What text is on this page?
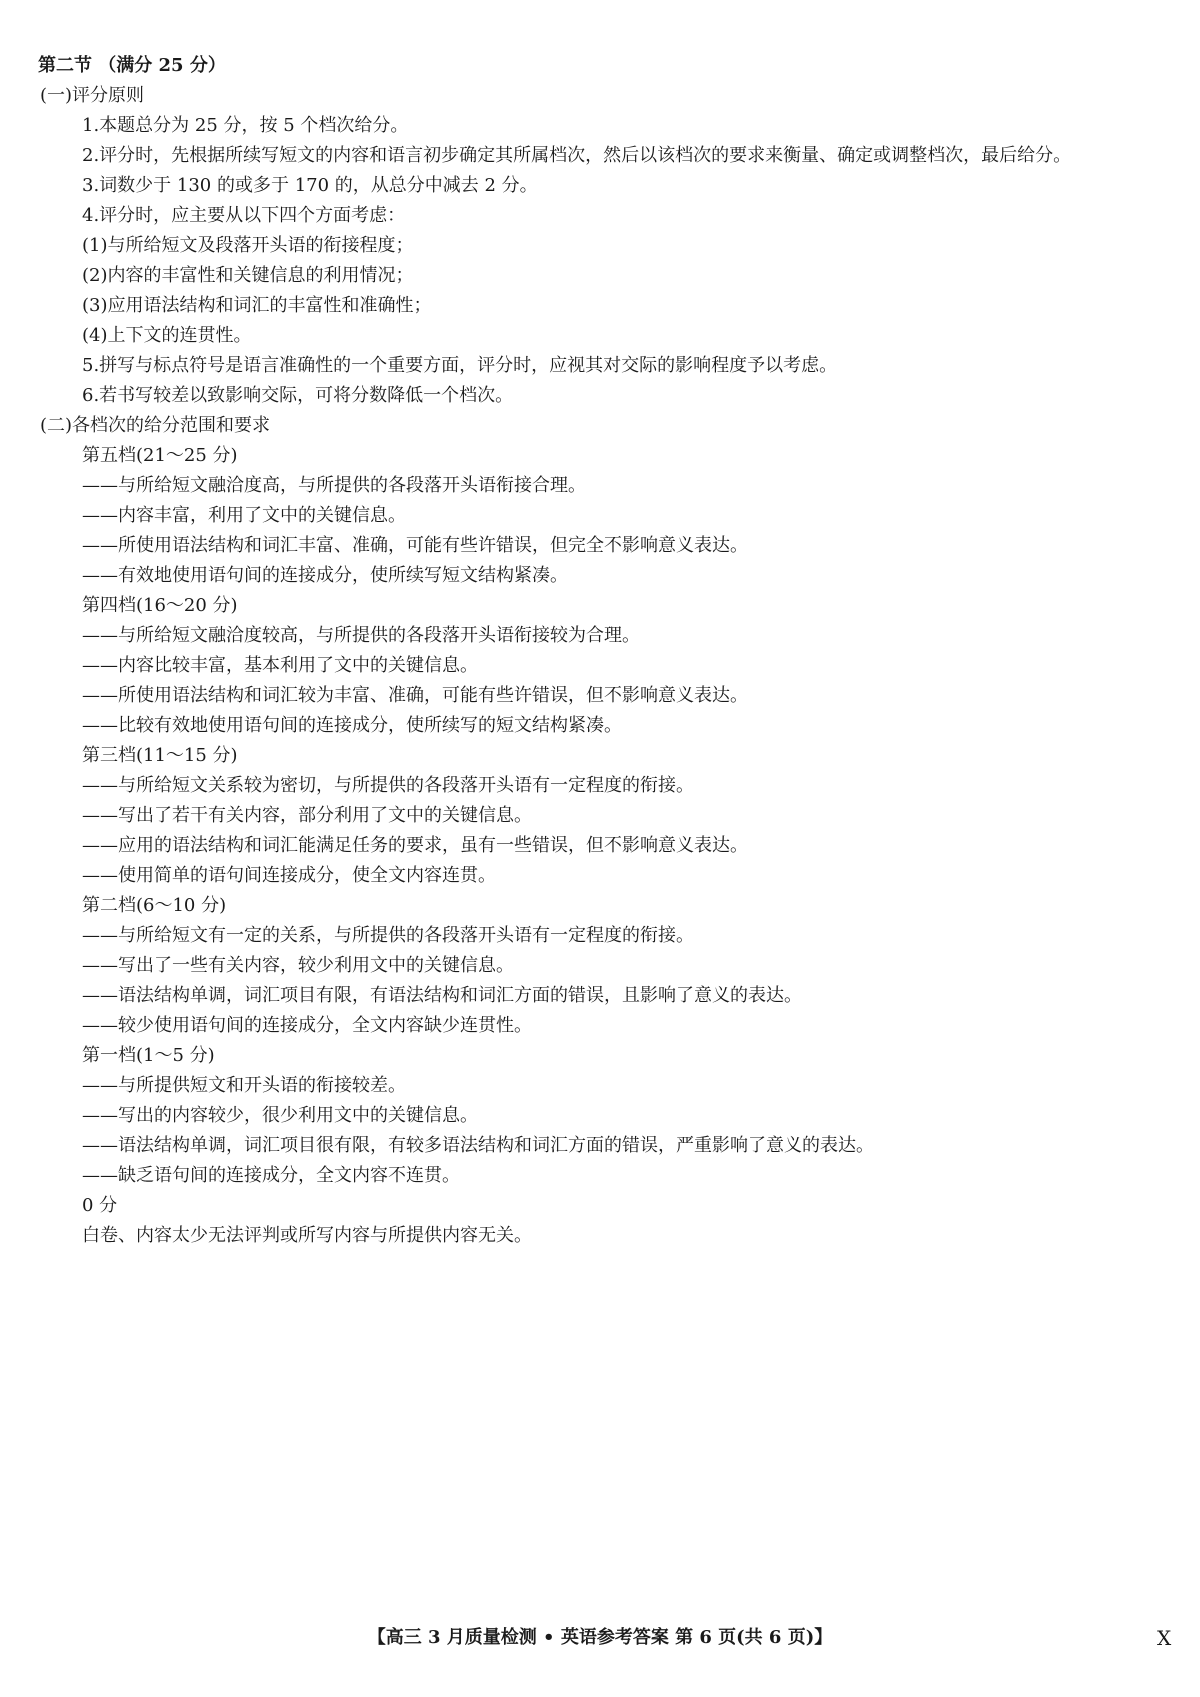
第二节 （满分 25 分）
(一)评分原则
1.本题总分为 25 分，按 5 个档次给分。
2.评分时，先根据所续写短文的内容和语言初步确定其所属档次，然后以该档次的要求来衡量、确定或调整档次，最后给分。
3.词数少于 130 的或多于 170 的，从总分中减去 2 分。
4.评分时，应主要从以下四个方面考虑：
(1)与所给短文及段落开头语的衔接程度；
(2)内容的丰富性和关键信息的利用情况；
(3)应用语法结构和词汇的丰富性和准确性；
(4)上下文的连贯性。
5.拼写与标点符号是语言准确性的一个重要方面，评分时，应视其对交际的影响程度予以考虑。
6.若书写较差以致影响交际，可将分数降低一个档次。
(二)各档次的给分范围和要求
第五档(21～25 分)
——与所给短文融洽度高，与所提供的各段落开头语衔接合理。
——内容丰富，利用了文中的关键信息。
——所使用语法结构和词汇丰富、准确，可能有些许错误，但完全不影响意义表达。
——有效地使用语句间的连接成分，使所续写短文结构紧凑。
第四档(16～20 分)
——与所给短文融洽度较高，与所提供的各段落开头语衔接较为合理。
——内容比较丰富，基本利用了文中的关键信息。
——所使用语法结构和词汇较为丰富、准确，可能有些许错误，但不影响意义表达。
——比较有效地使用语句间的连接成分，使所续写的短文结构紧凑。
第三档(11～15 分)
——与所给短文关系较为密切，与所提供的各段落开头语有一定程度的衔接。
——写出了若干有关内容，部分利用了文中的关键信息。
——应用的语法结构和词汇能满足任务的要求，虽有一些错误，但不影响意义表达。
——使用简单的语句间连接成分，使全文内容连贯。
第二档(6～10 分)
——与所给短文有一定的关系，与所提供的各段落开头语有一定程度的衔接。
——写出了一些有关内容，较少利用文中的关键信息。
——语法结构单调，词汇项目有限，有语法结构和词汇方面的错误，且影响了意义的表达。
——较少使用语句间的连接成分，全文内容缺少连贯性。
第一档(1～5 分)
——与所提供短文和开头语的衔接较差。
——写出的内容较少，很少利用文中的关键信息。
——语法结构单调，词汇项目很有限，有较多语法结构和词汇方面的错误，严重影响了意义的表达。
——缺乏语句间的连接成分，全文内容不连贯。
0 分
白卷、内容太少无法评判或所写内容与所提供内容无关。
【高三 3 月质量检测 • 英语参考答案 第 6 页(共 6 页)】	X
